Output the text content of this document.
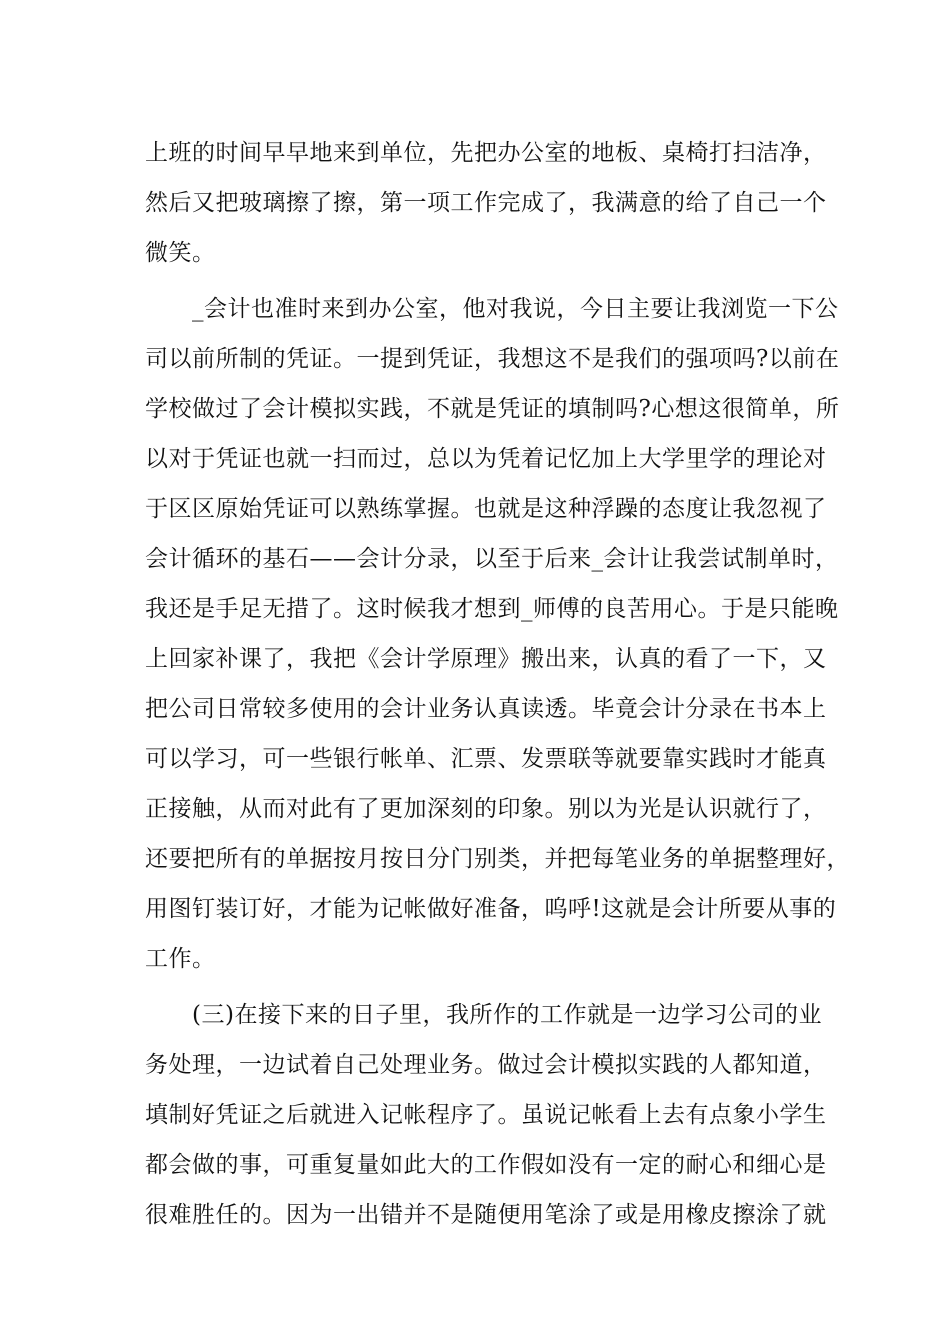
上班的时间早早地来到单位，先把办公室的地板、桌椅打扫洁净，
然后又把玻璃擦了擦，第一项工作完成了，我满意的给了自己一个
微笑。
　　_会计也准时来到办公室，他对我说，今日主要让我浏览一下公
司以前所制的凭证。一提到凭证，我想这不是我们的强项吗?以前在
学校做过了会计模拟实践，不就是凭证的填制吗?心想这很简单，所
以对于凭证也就一扫而过，总以为凭着记忆加上大学里学的理论对
于区区原始凭证可以熟练掌握。也就是这种浮躁的态度让我忽视了
会计循环的基石——会计分录，以至于后来_会计让我尝试制单时，
我还是手足无措了。这时候我才想到_师傅的良苦用心。于是只能晚
上回家补课了，我把《会计学原理》搬出来，认真的看了一下，又
把公司日常较多使用的会计业务认真读透。毕竟会计分录在书本上
可以学习，可一些银行帐单、汇票、发票联等就要靠实践时才能真
正接触，从而对此有了更加深刻的印象。别以为光是认识就行了，
还要把所有的单据按月按日分门别类，并把每笔业务的单据整理好，
用图钉装订好，才能为记帐做好准备，呜呼!这就是会计所要从事的
工作。
　　(三)在接下来的日子里，我所作的工作就是一边学习公司的业
务处理，一边试着自己处理业务。做过会计模拟实践的人都知道，
填制好凭证之后就进入记帐程序了。虽说记帐看上去有点象小学生
都会做的事，可重复量如此大的工作假如没有一定的耐心和细心是
很难胜任的。因为一出错并不是随便用笔涂了或是用橡皮擦涂了就
